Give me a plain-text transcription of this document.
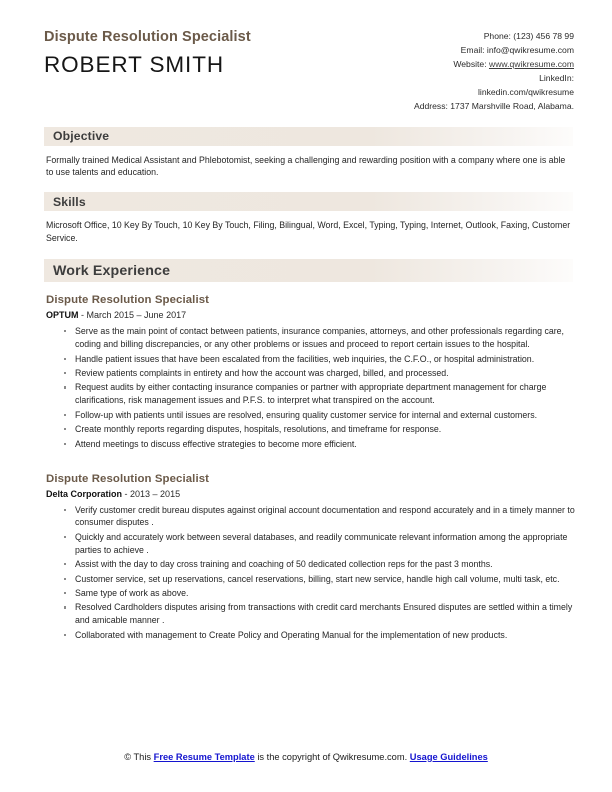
Dispute Resolution Specialist
ROBERT SMITH
Phone: (123) 456 78 99
Email: info@qwikresume.com
Website: www.qwikresume.com
LinkedIn:
linkedin.com/qwikresume
Address: 1737 Marshville Road, Alabama.
Objective
Formally trained Medical Assistant and Phlebotomist, seeking a challenging and rewarding position with a company where one is able to use talents and education.
Skills
Microsoft Office, 10 Key By Touch, 10 Key By Touch, Filing, Bilingual, Word, Excel, Typing, Typing, Internet, Outlook, Faxing, Customer Service.
Work Experience
Dispute Resolution Specialist
OPTUM - March 2015 – June 2017
Serve as the main point of contact between patients, insurance companies, attorneys, and other professionals regarding care, coding and billing discrepancies, or any other problems or issues and proceed to report certain issues to the hospital.
Handle patient issues that have been escalated from the facilities, web inquiries, the C.F.O., or hospital administration.
Review patients complaints in entirety and how the account was charged, billed, and processed.
Request audits by either contacting insurance companies or partner with appropriate department management for charge clarifications, risk management issues and P.F.S. to interpret what transpired on the account.
Follow-up with patients until issues are resolved, ensuring quality customer service for internal and external customers.
Create monthly reports regarding disputes, hospitals, resolutions, and timeframe for response.
Attend meetings to discuss effective strategies to become more efficient.
Dispute Resolution Specialist
Delta Corporation - 2013 – 2015
Verify customer credit bureau disputes against original account documentation and respond accurately and in a timely manner to consumer disputes .
Quickly and accurately work between several databases, and readily communicate relevant information among the appropriate parties to achieve .
Assist with the day to day cross training and coaching of 50 dedicated collection reps for the past 3 months.
Customer service, set up reservations, cancel reservations, billing, start new service, handle high call volume, multi task, etc.
Same type of work as above.
Resolved Cardholders disputes arising from transactions with credit card merchants Ensured disputes are settled within a timely and amicable manner .
Collaborated with management to Create Policy and Operating Manual for the implementation of new products.
© This Free Resume Template is the copyright of Qwikresume.com. Usage Guidelines
